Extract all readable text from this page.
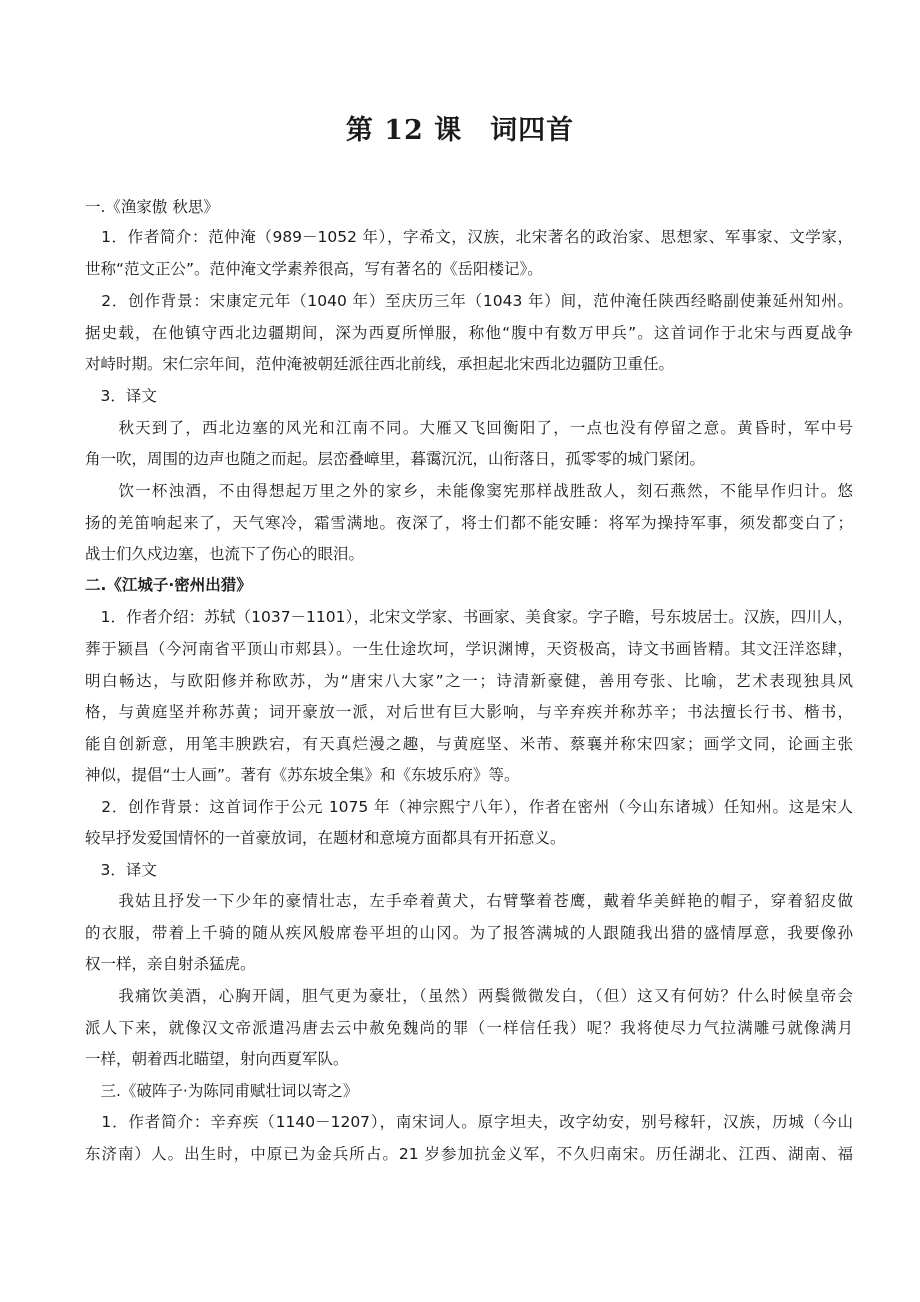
第 12 课　词四首
一.《渔家傲 秋思》
　1．作者简介：范仲淹（989－1052 年），字希文，汉族，北宋著名的政治家、思想家、军事家、文学家，
世称“范文正公”。范仲淹文学素养很高，写有著名的《岳阳楼记》。
　2．创作背景：宋康定元年（1040 年）至庆历三年（1043 年）间，范仲淹任陕西经略副使兼延州知州。
据史载，在他镇守西北边疆期间，深为西夏所惮服，称他“腹中有数万甲兵”。这首词作于北宋与西夏战争
对峙时期。宋仁宗年间，范仲淹被朝廷派往西北前线，承担起北宋西北边疆防卫重任。
　3．译文
　　秋天到了，西北边塞的风光和江南不同。大雁又飞回衡阳了，一点也没有停留之意。黄昏时，军中号
角一吹，周围的边声也随之而起。层峦叠嶂里，暮霭沉沉，山衔落日，孤零零的城门紧闭。
　　饮一杯浊酒，不由得想起万里之外的家乡，未能像窦宪那样战胜敌人，刻石燕然，不能早作归计。悠
扬的羌笛响起来了，天气寒冷，霜雪满地。夜深了，将士们都不能安睡：将军为操持军事，须发都变白了；
战士们久戍边塞，也流下了伤心的眼泪。
二.《江城子·密州出猎》
　1．作者介绍：苏轼（1037－1101），北宋文学家、书画家、美食家。字子瞻，号东坡居士。汉族，四川人，
葬于颍昌（今河南省平顶山市郏县）。一生仕途坎坷，学识渊博，天资极高，诗文书画皆精。其文汪洋恣肆，
明白畅达，与欧阳修并称欧苏，为“唐宋八大家”之一；诗清新豪健，善用夸张、比喻，艺术表现独具风
格，与黄庭坚并称苏黄；词开豪放一派，对后世有巨大影响，与辛弃疾并称苏辛；书法擅长行书、楷书，
能自创新意，用笔丰腴跌宕，有天真烂漫之趣，与黄庭坚、米芾、蔡襄并称宋四家；画学文同，论画主张
神似，提倡“士人画”。著有《苏东坡全集》和《东坡乐府》等。
　2．创作背景：这首词作于公元 1075 年（神宗熙宁八年），作者在密州（今山东诸城）任知州。这是宋人
较早抒发爱国情怀的一首豪放词，在题材和意境方面都具有开拓意义。
　3．译文
　　我姑且抒发一下少年的豪情壮志，左手牵着黄犬，右臂擎着苍鹰，戴着华美鲜艳的帽子，穿着貂皮做
的衣服，带着上千骑的随从疾风般席卷平坦的山冈。为了报答满城的人跟随我出猎的盛情厚意，我要像孙
权一样，亲自射杀猛虎。
　　我痛饮美酒，心胸开阔，胆气更为豪壮，（虽然）两鬓微微发白，（但）这又有何妨？什么时候皇帝会
派人下来，就像汉文帝派遣冯唐去云中赦免魏尚的罪（一样信任我）呢？我将使尽力气拉满雕弓就像满月
一样，朝着西北瞄望，射向西夏军队。
　三.《破阵子·为陈同甫赋壮词以寄之》
　1．作者简介：辛弃疾（1140－1207），南宋词人。原字坦夫，改字幼安，别号稼轩，汉族，历城（今山
东济南）人。出生时，中原已为金兵所占。21 岁参加抗金义军，不久归南宋。历任湖北、江西、湖南、福
